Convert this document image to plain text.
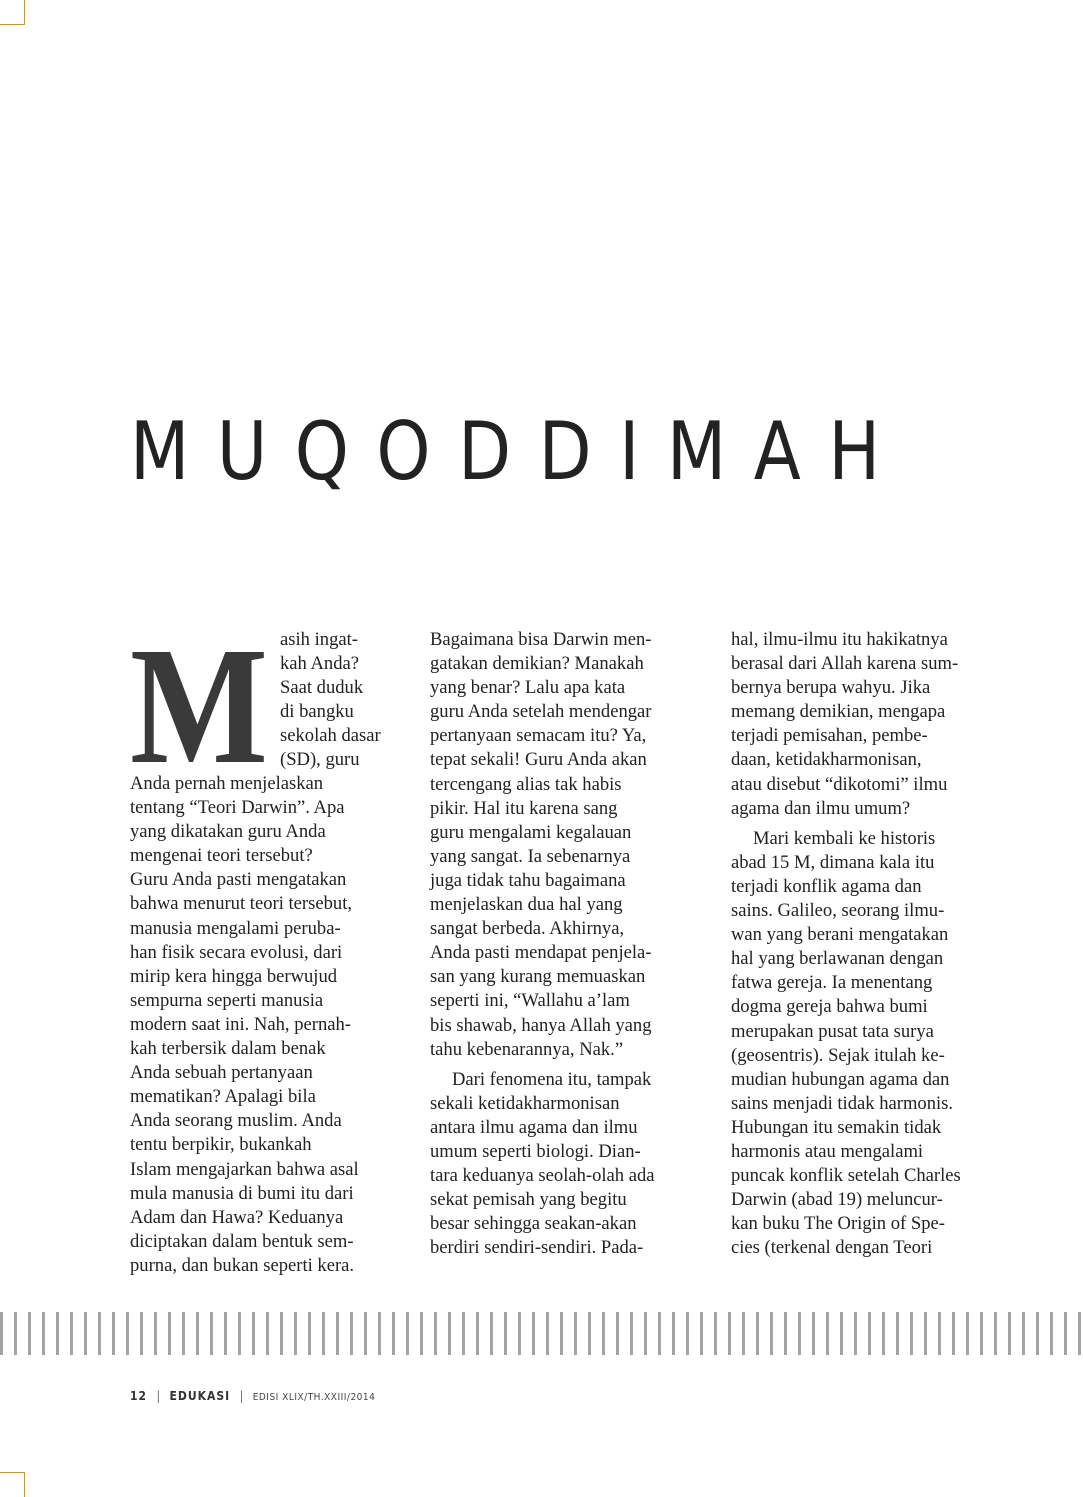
MUQODDIMAH
M asih ingat-
kah Anda?
Saat duduk
di bangku
sekolah dasar
(SD), guru
Anda pernah menjelaskan
tentang “Teori Darwin”. Apa
yang dikatakan guru Anda
mengenai teori tersebut?
Guru Anda pasti mengatakan
bahwa menurut teori tersebut,
manusia mengalami peruba-
han fisik secara evolusi, dari
mirip kera hingga berwujud
sempurna seperti manusia
modern saat ini. Nah, pernah-
kah terbersik dalam benak
Anda sebuah pertanyaan
mematikan? Apalagi bila
Anda seorang muslim. Anda
tentu berpikir, bukankah
Islam mengajarkan bahwa asal
mula manusia di bumi itu dari
Adam dan Hawa? Keduanya
diciptakan dalam bentuk sem-
purna, dan bukan seperti kera.
Bagaimana bisa Darwin men-
gatakan demikian? Manakah
yang benar? Lalu apa kata
guru Anda setelah mendengar
pertanyaan semacam itu? Ya,
tepat sekali! Guru Anda akan
tercengang alias tak habis
pikir. Hal itu karena sang
guru mengalami kegalauan
yang sangat. Ia sebenarnya
juga tidak tahu bagaimana
menjelaskan dua hal yang
sangat berbeda. Akhirnya,
Anda pasti mendapat penjela-
san yang kurang memuaskan
seperti ini, “Wallahu a’lam
bis shawab, hanya Allah yang
tahu kebenarannya, Nak.”
Dari fenomena itu, tampak
sekali ketidakharmonisan
antara ilmu agama dan ilmu
umum seperti biologi. Dian-
tara keduanya seolah-olah ada
sekat pemisah yang begitu
besar sehingga seakan-akan
berdiri sendiri-sendiri. Pada-
hal, ilmu-ilmu itu hakikatnya
berasal dari Allah karena sum-
bernya berupa wahyu. Jika
memang demikian, mengapa
terjadi pemisahan, pembe-
daan, ketidakharmonisan,
atau disebut “dikotomi” ilmu
agama dan ilmu umum?
Mari kembali ke historis
abad 15 M, dimana kala itu
terjadi konflik agama dan
sains. Galileo, seorang ilmu-
wan yang berani mengatakan
hal yang berlawanan dengan
fatwa gereja. Ia menentang
dogma gereja bahwa bumi
merupakan pusat tata surya
(geosentris). Sejak itulah ke-
mudian hubungan agama dan
sains menjadi tidak harmonis.
Hubungan itu semakin tidak
harmonis atau mengalami
puncak konflik setelah Charles
Darwin (abad 19) meluncur-
kan buku The Origin of Spe-
cies (terkenal dengan Teori
12 | EDUKASI | EDISI XLIX/TH.XXIII/2014
